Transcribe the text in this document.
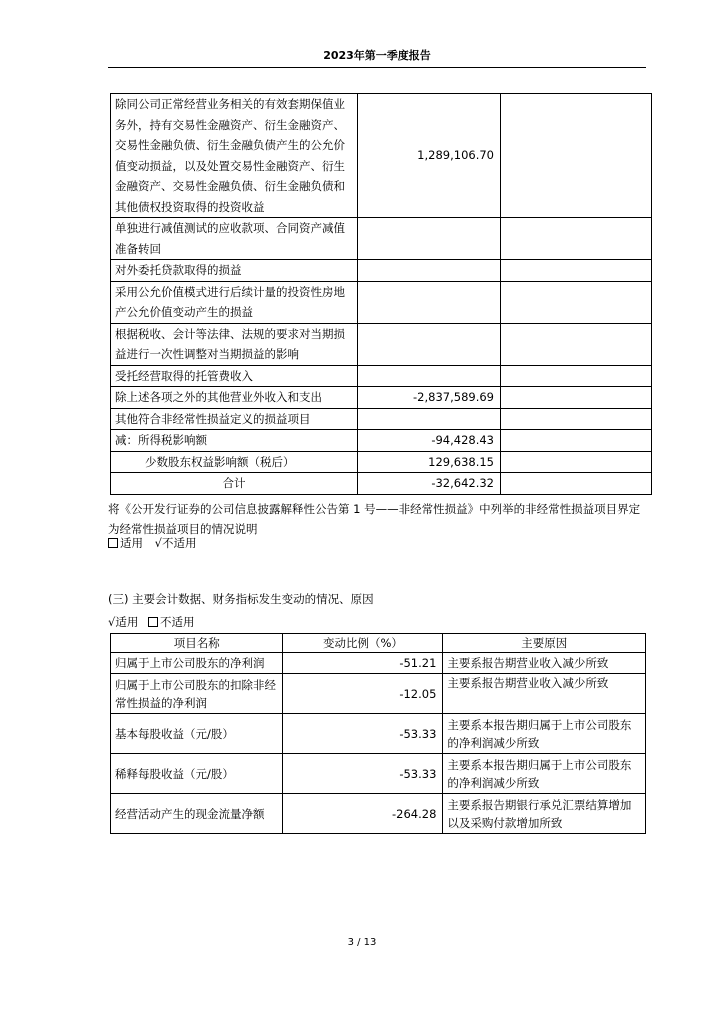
2023年第一季度报告
除同公司正常经营业务相关的有效套期保值业务外，持有交易性金融资产、衍生金融资产、交易性金融负债、衍生金融负债产生的公允价值变动损益，以及处置交易性金融资产、衍生金融资产、交易性金融负债、衍生金融负债和其他债权投资取得的投资收益	1,289,106.70	
单独进行减值测试的应收款项、合同资产减值准备转回		
对外委托贷款取得的损益		
采用公允价值模式进行后续计量的投资性房地产公允价值变动产生的损益		
根据税收、会计等法律、法规的要求对当期损益进行一次性调整对当期损益的影响		
受托经营取得的托管费收入		
除上述各项之外的其他营业外收入和支出	-2,837,589.69	
其他符合非经常性损益定义的损益项目		
减：所得税影响额	-94,428.43	
少数股东权益影响额（税后）	129,638.15	
合计	-32,642.32	
将《公开发行证券的公司信息披露解释性公告第 1 号——非经常性损益》中列举的非经常性损益项目界定为经常性损益项目的情况说明
适用 √不适用
(三) 主要会计数据、财务指标发生变动的情况、原因
√适用 不适用
项目名称	变动比例（%）	主要原因
归属于上市公司股东的净利润	-51.21	主要系报告期营业收入减少所致
归属于上市公司股东的扣除非经常性损益的净利润	-12.05	主要系报告期营业收入减少所致
基本每股收益（元/股）	-53.33	主要系本报告期归属于上市公司股东的净利润减少所致
稀释每股收益（元/股）	-53.33	主要系本报告期归属于上市公司股东的净利润减少所致
经营活动产生的现金流量净额	-264.28	主要系报告期银行承兑汇票结算增加以及采购付款增加所致
3 / 13
